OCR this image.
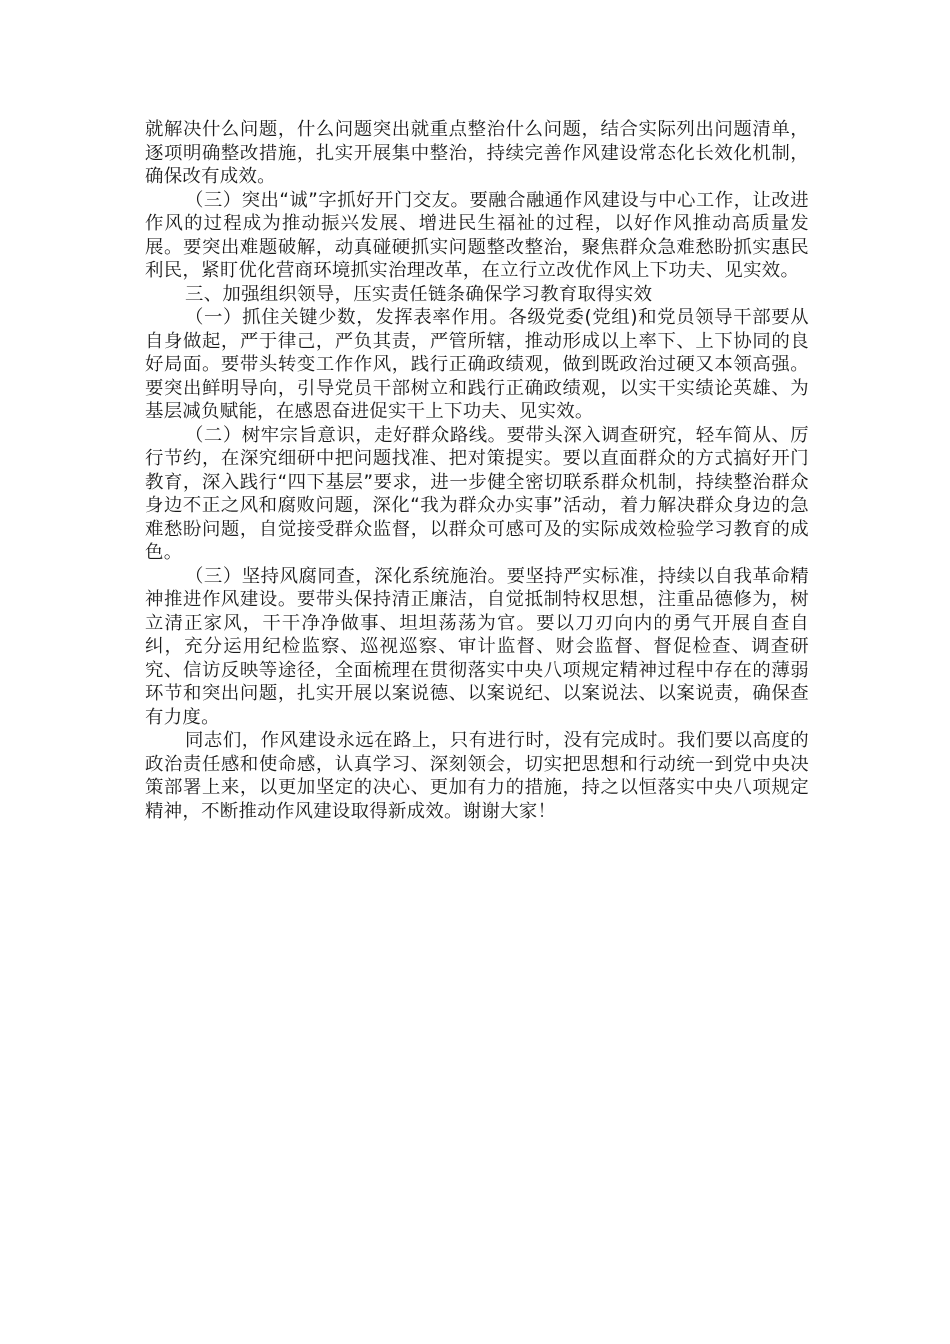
就解决什么问题，什么问题突出就重点整治什么问题，结合实际列出问题清单，逐项明确整改措施，扎实开展集中整治，持续完善作风建设常态化长效化机制，确保改有成效。

（三）突出“诚”字抓好开门交友。要融合融通作风建设与中心工作，让改进作风的过程成为推动振兴发展、增进民生福祉的过程，以好作风推动高质量发展。要突出难题破解，动真碰硬抓实问题整改整治，聚焦群众急难愁盼抓实惠民利民，紧盯优化营商环境抓实治理改革，在立行立改优作风上下功夫、见实效。

三、加强组织领导，压实责任链条确保学习教育取得实效

（一）抓住关键少数，发挥表率作用。各级党委(党组)和党员领导干部要从自身做起，严于律己，严负其责，严管所辖，推动形成以上率下、上下协同的良好局面。要带头转变工作作风，践行正确政绩观，做到既政治过硬又本领高强。要突出鲜明导向，引导党员干部树立和践行正确政绩观，以实干实绩论英雄、为基层减负赋能，在感恩奋进促实干上下功夫、见实效。

（二）树牢宗旨意识，走好群众路线。要带头深入调查研究，轻车简从、厉行节约，在深究细研中把问题找准、把对策提实。要以直面群众的方式搞好开门教育，深入践行“四下基层”要求，进一步健全密切联系群众机制，持续整治群众身边不正之风和腐败问题，深化“我为群众办实事”活动，着力解决群众身边的急难愁盼问题，自觉接受群众监督，以群众可感可及的实际成效检验学习教育的成色。

（三）坚持风腐同查，深化系统施治。要坚持严实标准，持续以自我革命精神推进作风建设。要带头保持清正廉洁，自觉抵制特权思想，注重品德修为，树立清正家风，干干净净做事、坦坦荡荡为官。要以刀刃向内的勇气开展自查自纠，充分运用纪检监察、巡视巡察、审计监督、财会监督、督促检查、调查研究、信访反映等途径，全面梳理在贯彻落实中央八项规定精神过程中存在的薄弱环节和突出问题，扎实开展以案说德、以案说纪、以案说法、以案说责，确保查有力度。

同志们，作风建设永远在路上，只有进行时，没有完成时。我们要以高度的政治责任感和使命感，认真学习、深刻领会，切实把思想和行动统一到党中央决策部署上来，以更加坚定的决心、更加有力的措施，持之以恒落实中央八项规定精神，不断推动作风建设取得新成效。谢谢大家！
